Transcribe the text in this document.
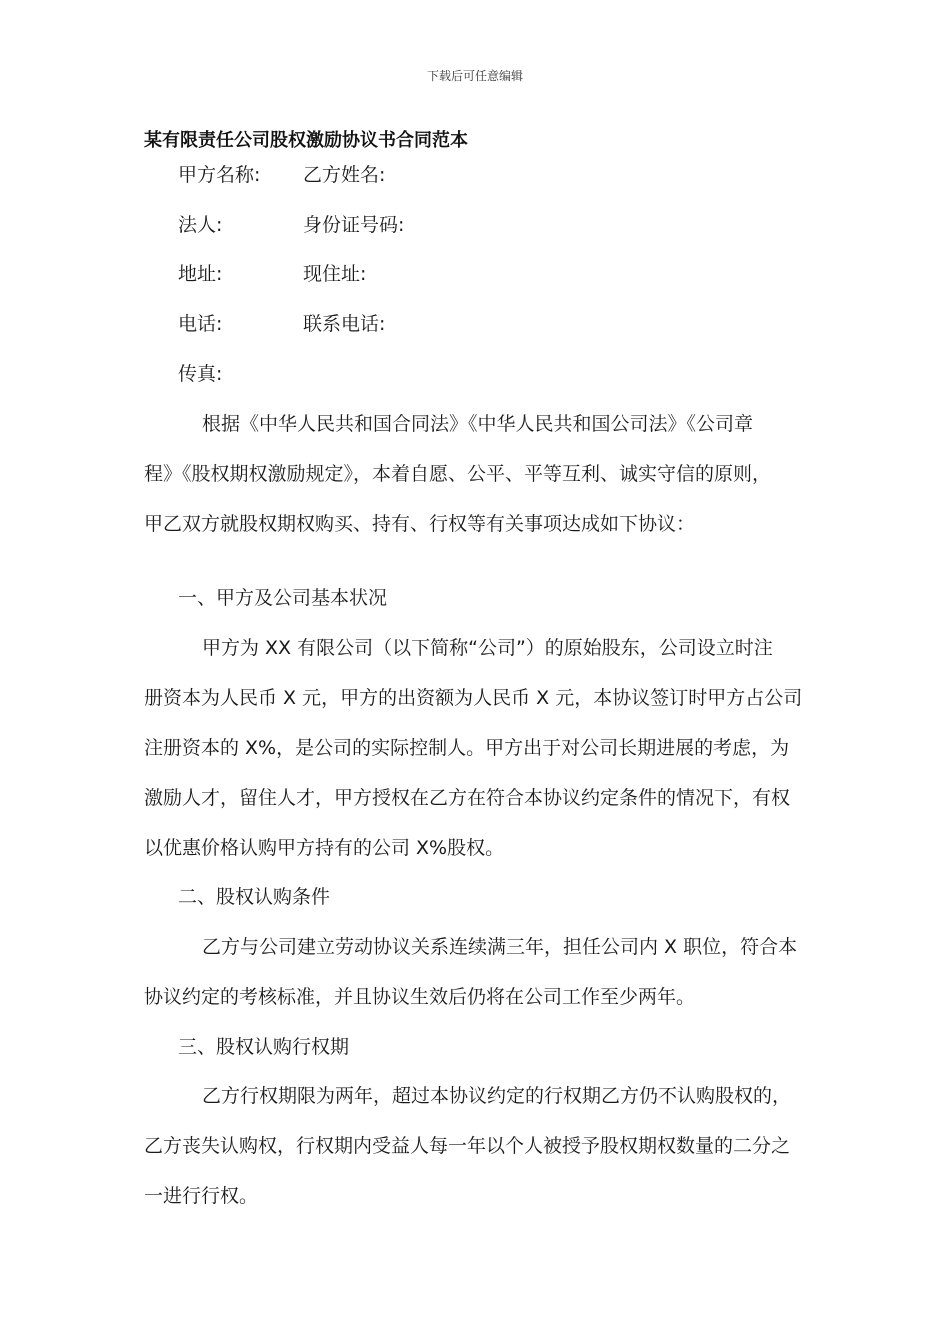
下载后可任意编辑
某有限责任公司股权激励协议书合同范本
甲方名称: 乙方姓名:
法人:	身份证号码:
地址:	现住址:
电话:	联系电话:
传真:
根据《中华人民共和国合同法》《中华人民共和国公司法》《公司章
程》《股权期权激励规定》，本着自愿、公平、平等互利、诚实守信的原则，
甲乙双方就股权期权购买、持有、行权等有关事项达成如下协议：
一、甲方及公司基本状况
甲方为 XX 有限公司（以下简称“公司”）的原始股东，公司设立时注
册资本为人民币 X 元，甲方的出资额为人民币 X 元，本协议签订时甲方占公司
注册资本的 X%，是公司的实际控制人。甲方出于对公司长期进展的考虑，为
激励人才，留住人才，甲方授权在乙方在符合本协议约定条件的情况下，有权
以优惠价格认购甲方持有的公司 X%股权。
二、股权认购条件
乙方与公司建立劳动协议关系连续满三年，担任公司内 X 职位，符合本
协议约定的考核标准，并且协议生效后仍将在公司工作至少两年。
三、股权认购行权期
乙方行权期限为两年，超过本协议约定的行权期乙方仍不认购股权的，
乙方丧失认购权，行权期内受益人每一年以个人被授予股权期权数量的二分之
一进行行权。
